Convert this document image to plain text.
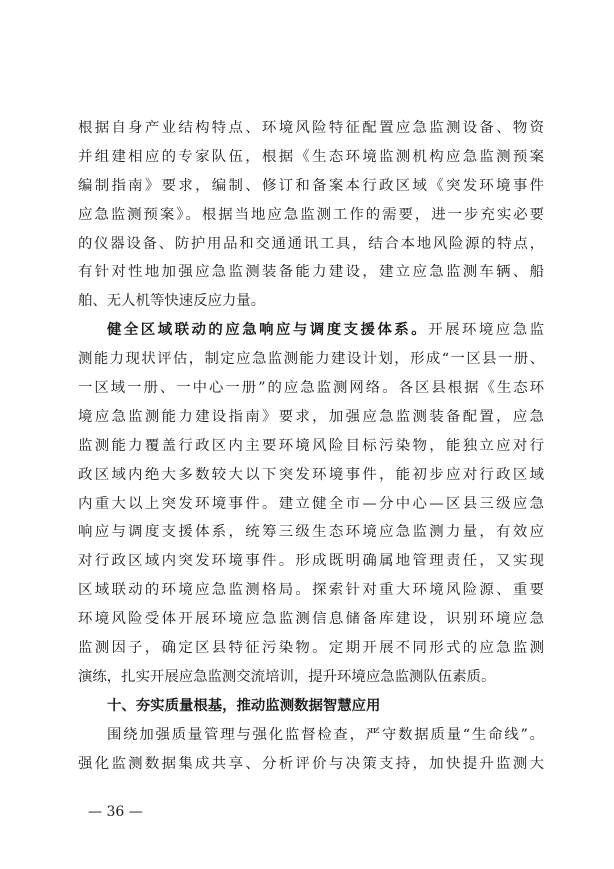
根据自身产业结构特点、环境风险特征配置应急监测设备、物资
并组建相应的专家队伍，根据《生态环境监测机构应急监测预案
编制指南》要求，编制、修订和备案本行政区域《突发环境事件
应急监测预案》。根据当地应急监测工作的需要，进一步充实必要
的仪器设备、防护用品和交通通讯工具，结合本地风险源的特点，
有针对性地加强应急监测装备能力建设，建立应急监测车辆、船
舶、无人机等快速反应力量。
健全区域联动的应急响应与调度支援体系。开展环境应急监
测能力现状评估，制定应急监测能力建设计划，形成“一区县一册、
一区域一册、一中心一册”的应急监测网络。各区县根据《生态环
境应急监测能力建设指南》要求，加强应急监测装备配置，应急
监测能力覆盖行政区内主要环境风险目标污染物，能独立应对行
政区域内绝大多数较大以下突发环境事件，能初步应对行政区域
内重大以上突发环境事件。建立健全市—分中心—区县三级应急
响应与调度支援体系，统筹三级生态环境应急监测力量，有效应
对行政区域内突发环境事件。形成既明确属地管理责任，又实现
区域联动的环境应急监测格局。探索针对重大环境风险源、重要
环境风险受体开展环境应急监测信息储备库建设，识别环境应急
监测因子，确定区县特征污染物。定期开展不同形式的应急监测
演练，扎实开展应急监测交流培训，提升环境应急监测队伍素质。
十、夯实质量根基，推动监测数据智慧应用
围绕加强质量管理与强化监督检查，严守数据质量“生命线”。
强化监测数据集成共享、分析评价与决策支持，加快提升监测大
— 36 —
